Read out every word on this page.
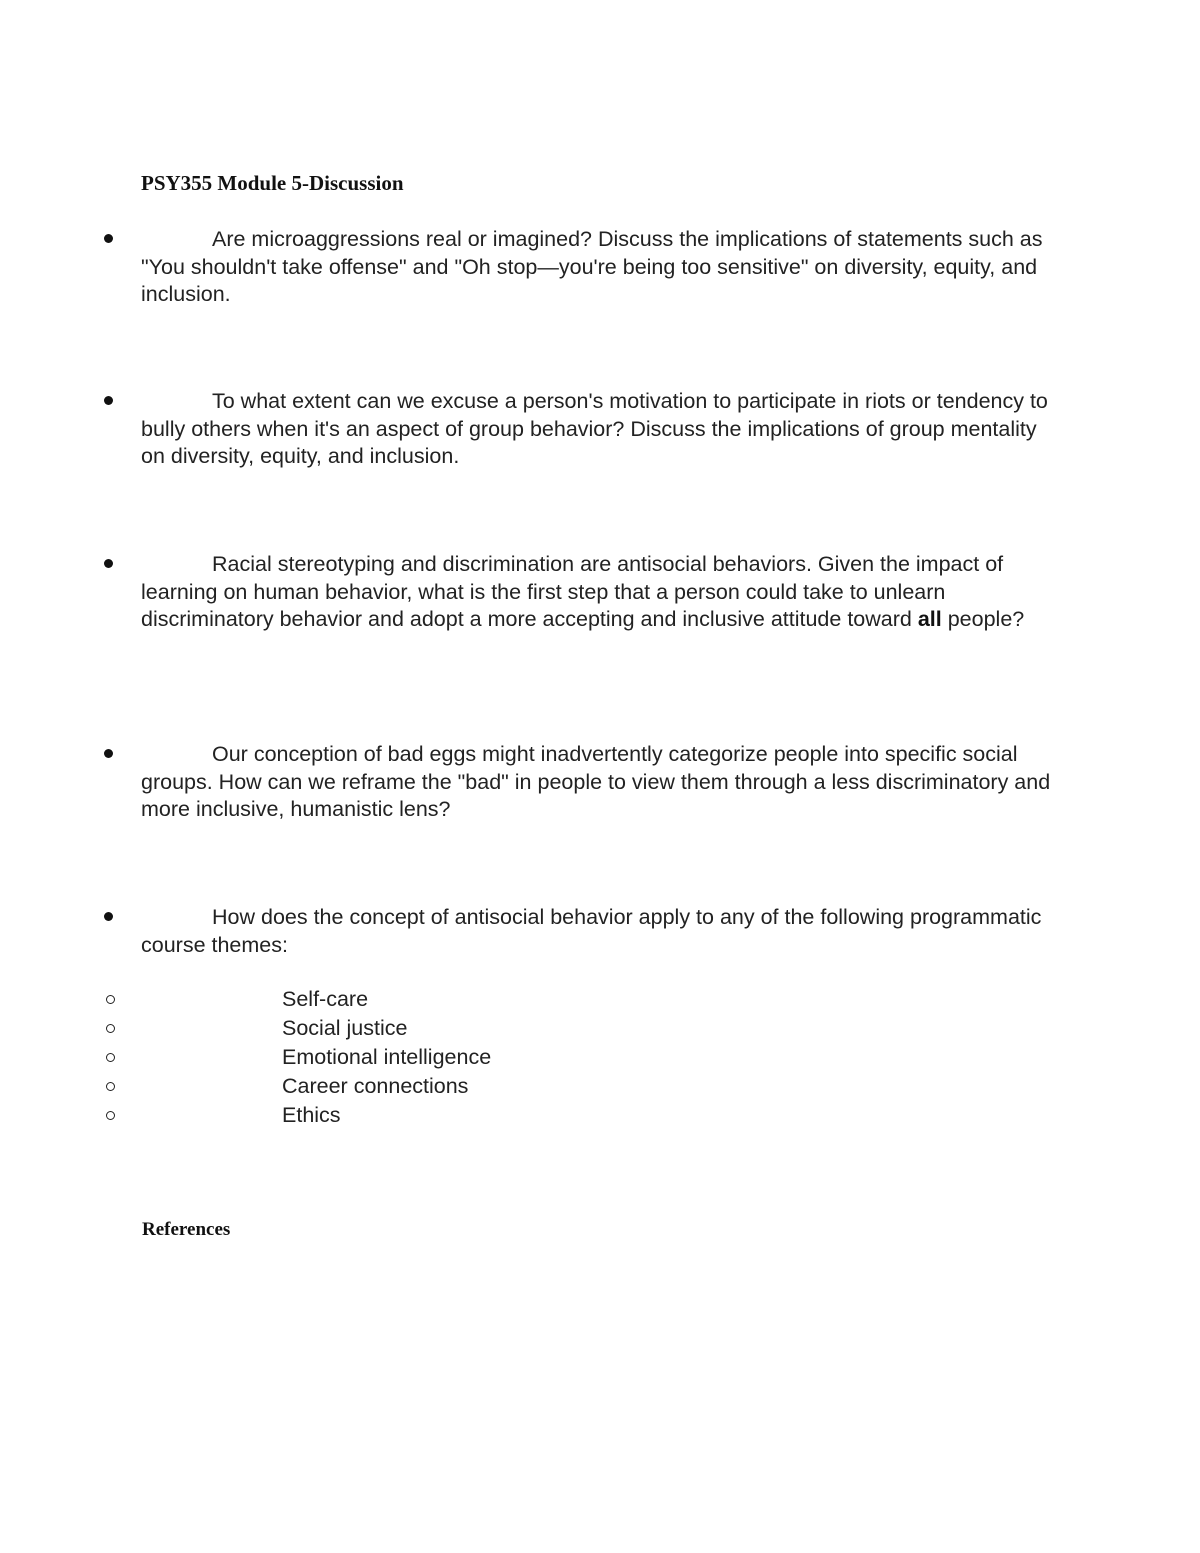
PSY355 Module 5-Discussion

Are microaggressions real or imagined? Discuss the implications of statements such as "You shouldn't take offense" and "Oh stop—you're being too sensitive" on diversity, equity, and inclusion.

To what extent can we excuse a person's motivation to participate in riots or tendency to bully others when it's an aspect of group behavior? Discuss the implications of group mentality on diversity, equity, and inclusion.

Racial stereotyping and discrimination are antisocial behaviors. Given the impact of learning on human behavior, what is the first step that a person could take to unlearn discriminatory behavior and adopt a more accepting and inclusive attitude toward all people?

Our conception of bad eggs might inadvertently categorize people into specific social groups. How can we reframe the "bad" in people to view them through a less discriminatory and more inclusive, humanistic lens?

How does the concept of antisocial behavior apply to any of the following programmatic course themes:

Self-care
Social justice
Emotional intelligence
Career connections
Ethics
References
